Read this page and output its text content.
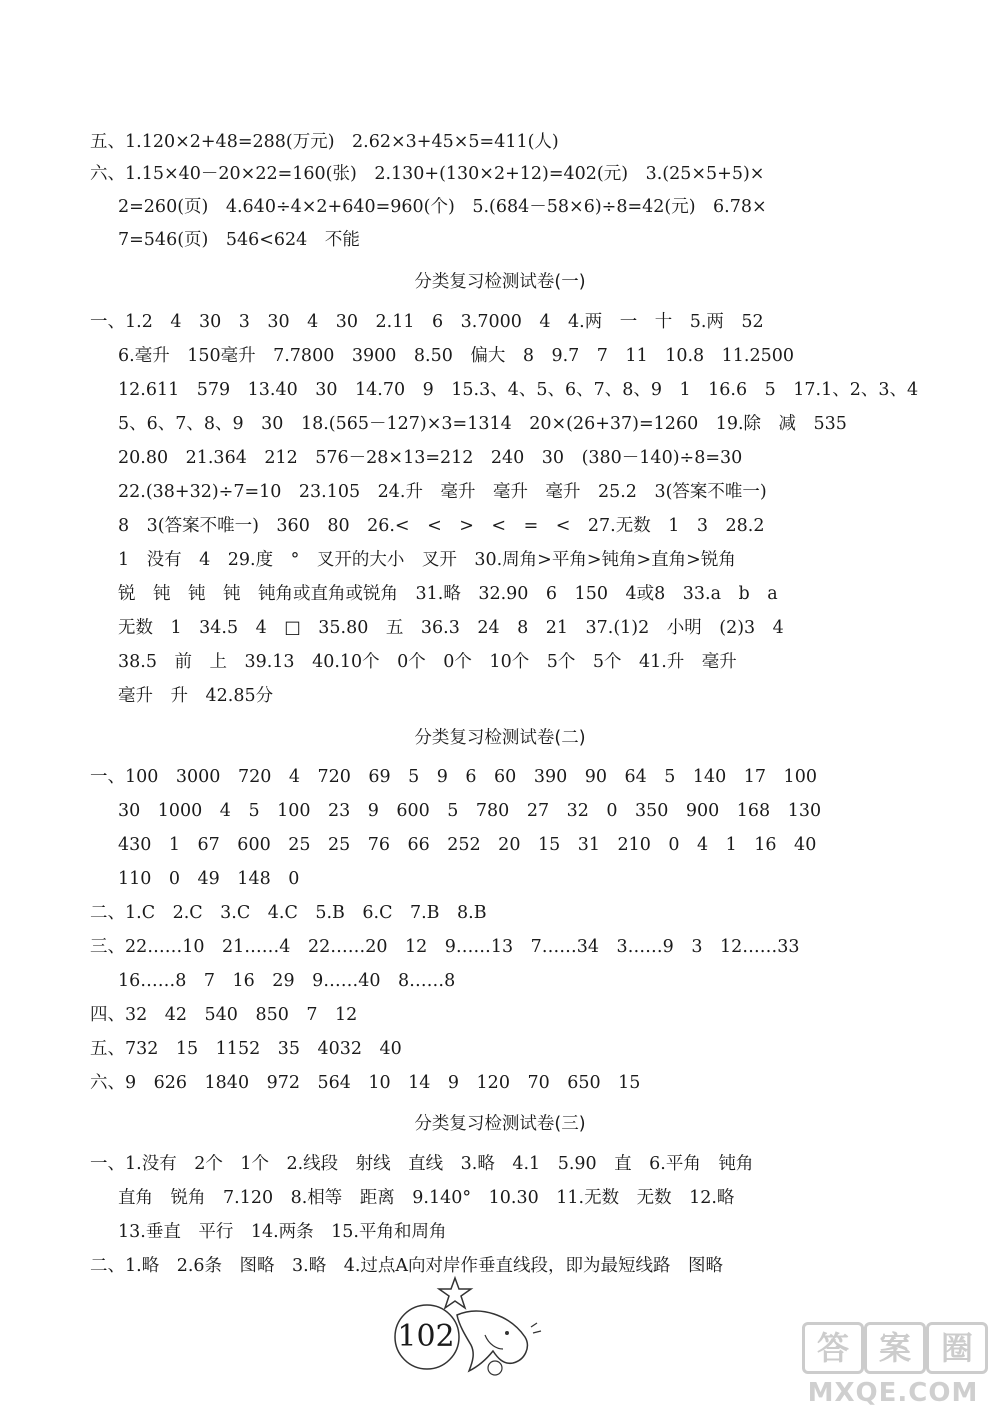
五、1.120×2+48=288(万元)　2.62×3+45×5=411(人)
六、1.15×40－20×22=160(张)　2.130+(130×2+12)=402(元)　3.(25×5+5)×
2=260(页)　4.640÷4×2+640=960(个)　5.(684－58×6)÷8=42(元)　6.78×
7=546(页)　546<624　不能
分类复习检测试卷(一)
一、1.2　4　30　3　30　4　30　2.11　6　3.7000　4　4.两　一　十　5.两　52
6.毫升　150毫升　7.7800　3900　8.50　偏大　8　9.7　7　11　10.8　11.2500
12.611　579　13.40　30　14.70　9　15.3、4、5、6、7、8、9　1　16.6　5　17.1、2、3、4
5、6、7、8、9　30　18.(565－127)×3=1314　20×(26+37)=1260　19.除　减　535
20.80　21.364　212　576－28×13=212　240　30　(380－140)÷8=30
22.(38+32)÷7=10　23.105　24.升　毫升　毫升　毫升　25.2　3(答案不唯一)
8　3(答案不唯一)　360　80　26.<　<　>　<　=　<　27.无数　1　3　28.2
1　没有　4　29.度　°　叉开的大小　叉开　30.周角>平角>钝角>直角>锐角
锐　钝　钝　钝　钝角或直角或锐角　31.略　32.90　6　150　4或8　33.a　b　a
无数　1　34.5　4　□　35.80　五　36.3　24　8　21　37.(1)2　小明　(2)3　4
38.5　前　上　39.13　40.10个　0个　0个　10个　5个　5个　41.升　毫升
毫升　升　42.85分
分类复习检测试卷(二)
一、100　3000　720　4　720　69　5　9　6　60　390　90　64　5　140　17　100
30　1000　4　5　100　23　9　600　5　780　27　32　0　350　900　168　130
430　1　67　600　25　25　76　66　252　20　15　31　210　0　4　1　16　40
110　0　49　148　0
二、1.C　2.C　3.C　4.C　5.B　6.C　7.B　8.B
三、22……10　21……4　22……20　12　9……13　7……34　3……9　3　12……33
16……8　7　16　29　9……40　8……8
四、32　42　540　850　7　12
五、732　15　1152　35　4032　40
六、9　626　1840　972　564　10　14　9　120　70　650　15
分类复习检测试卷(三)
一、1.没有　2个　1个　2.线段　射线　直线　3.略　4.1　5.90　直　6.平角　钝角
直角　锐角　7.120　8.相等　距离　9.140°　10.30　11.无数　无数　12.略
13.垂直　平行　14.两条　15.平角和周角
二、1.略　2.6条　图略　3.略　4.过点A向对岸作垂直线段，即为最短线路　图略
102	答 案 圈
MXQE.COM
